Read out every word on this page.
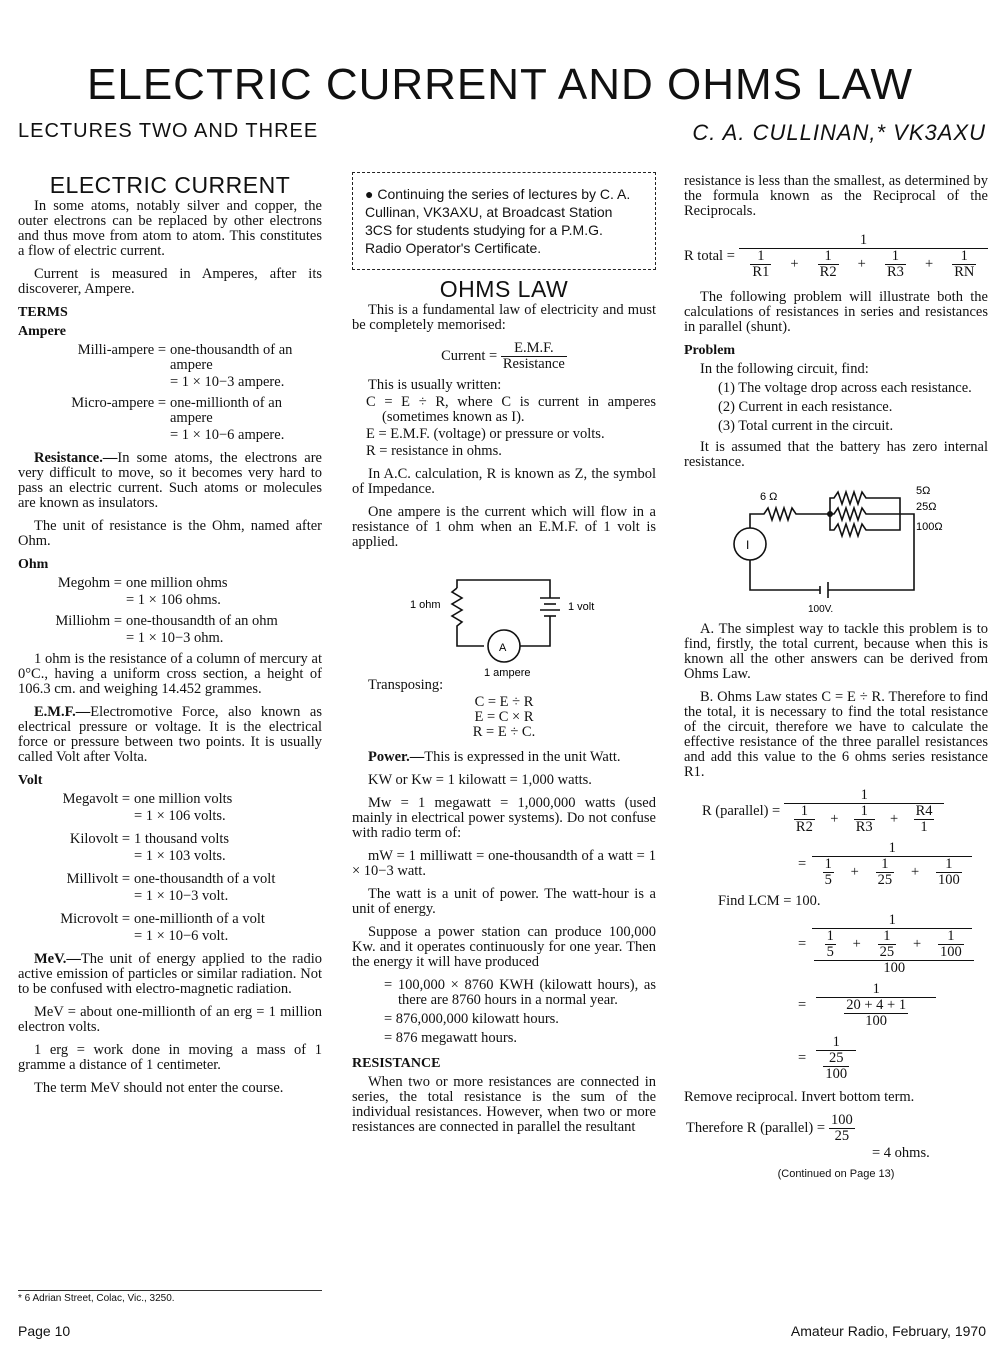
ELECTRIC CURRENT AND OHMS LAW
LECTURES TWO AND THREE	C. A. CULLINAN,* VK3AXU
ELECTRIC CURRENT

In some atoms, notably silver and copper, the outer electrons can be replaced by other electrons and thus move from atom to atom. This constitutes a flow of electric current.

Current is measured in Amperes, after its discoverer, Ampere.

TERMS
Ampere
Milli-ampere = one-thousandth of an ampere
= 1 × 10−3 ampere.
Micro-ampere = one-millionth of an ampere
= 1 × 10−6 ampere.

Resistance.—In some atoms, the electrons are very difficult to move, so it becomes very hard to pass an electric current. Such atoms or molecules are known as insulators.

The unit of resistance is the Ohm, named after Ohm.

Ohm
Megohm = one million ohms
= 1 × 106 ohms.
Milliohm = one-thousandth of an ohm
= 1 × 10−3 ohm.

1 ohm is the resistance of a column of mercury at 0°C., having a uniform cross section, a height of 106.3 cm. and weighing 14.452 grammes.

E.M.F.—Electromotive Force, also known as electrical pressure or voltage. It is the electrical force or pressure between two points. It is usually called Volt after Volta.

Volt
Megavolt = one million volts
= 1 × 106 volts.
Kilovolt = 1 thousand volts
= 1 × 103 volts.
Millivolt = one-thousandth of a volt
= 1 × 10−3 volt.
Microvolt = one-millionth of a volt
= 1 × 10−6 volt.

MeV.—The unit of energy applied to the radio active emission of particles or similar radiation. Not to be confused with electro-magnetic radiation.

MeV = about one-millionth of an erg = 1 million electron volts.

1 erg = work done in moving a mass of 1 gramme a distance of 1 centimeter.

The term MeV should not enter the course.

● Continuing the series of lectures by C. A. Cullinan, VK3AXU, at Broadcast Station 3CS for students studying for a P.M.G. Radio Operator's Certificate.
OHMS LAW

This is a fundamental law of electricity and must be completely memorised:

Current = $\frac{E.M.F.}{\text{Resistance}}$

This is usually written:

C = E ÷ R, where C is current in amperes (sometimes known as I).

E = E.M.F. (voltage) or pressure or volts.

R = resistance in ohms.

In A.C. calculation, R is known as Z, the symbol of Impedance.

One ampere is the current which will flow in a resistance of 1 ohm when an E.M.F. of 1 volt is applied.

1 ohm	1 volt
A
1 ampere

Transposing:

C = E ÷ R
E = C × R
R = E ÷ C.

Power.—This is expressed in the unit Watt.

KW or Kw = 1 kilowatt = 1,000 watts.

Mw = 1 megawatt = 1,000,000 watts (used mainly in electrical power systems). Do not confuse with radio term of:

mW = 1 milliwatt = one-thousandth of a watt = 1 × 10−3 watt.

The watt is a unit of power. The watt-hour is a unit of energy.

Suppose a power station can produce 100,000 Kw. and it operates continuously for one year. Then the energy it will have produced

= 100,000 × 8760 KWH (kilowatt hours), as there are 8760 hours in a normal year.

= 876,000,000 kilowatt hours.

= 876 megawatt hours.

RESISTANCE

When two or more resistances are connected in series, the total resistance is the sum of the individual resistances. However, when two or more resistances are connected in parallel the resultant

resistance is less than the smallest, as determined by the formula known as the Reciprocal of the Reciprocals.

R total =
1
$\frac{1}{R1} + \frac{1}{R2} + \frac{1}{R3} + \frac{1}{RN}$

The following problem will illustrate both the calculations of resistances in series and resistances in parallel (shunt).

Problem

In the following circuit, find:

(1) The voltage drop across each resistance.

(2) Current in each resistance.

(3) Total current in the circuit.

It is assumed that the battery has zero internal resistance.

6 Ω	5Ω
25Ω
100Ω
I
100V.

A. The simplest way to tackle this problem is to find, firstly, the total current, because when this is known all the other answers can be derived from Ohms Law.

B. Ohms Law states C = E ÷ R. Therefore to find the total, it is necessary to find the total resistance of the circuit, therefore we have to calculate the effective resistance of the three parallel resistances and add this value to the 6 ohms series resistance R1.

R (parallel) = $\frac{1}{\frac{1}{R2} + \frac{1}{R3} + \frac{R4}{1}}$
= $\frac{1}{\frac{1}{5} + \frac{1}{25} + \frac{1}{100}}$
Find LCM = 100.
=
1
$\frac{\frac{1}{5} + \frac{1}{25} + \frac{1}{100}}{100}$
= $\frac{1}{\frac{20 + 4 + 1}{100}}$
= $\frac{1}{\frac{25}{100}}$

Remove reciprocal. Invert bottom term.

Therefore R (parallel) = $\frac{100}{25}$
= 4 ohms.
(Continued on Page 13)
* 6 Adrian Street, Colac, Vic., 3250.
Page 10	Amateur Radio, February, 1970
